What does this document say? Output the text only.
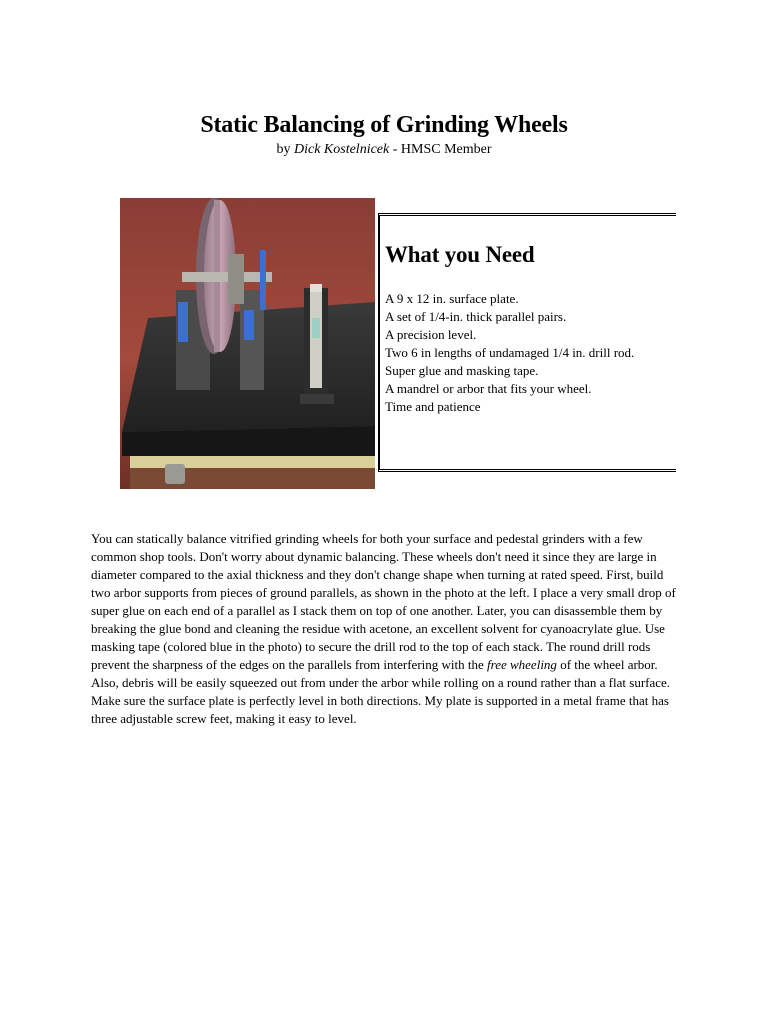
Static Balancing of Grinding Wheels
by Dick Kostelnicek - HMSC Member
What you Need
A 9 x 12 in. surface plate.
A set of 1/4-in. thick parallel pairs.
A precision level.
Two 6 in lengths of undamaged 1/4 in. drill rod.
Super glue and masking tape.
A mandrel or arbor that fits your wheel.
Time and patience

You can statically balance vitrified grinding wheels for both your surface and pedestal grinders with a few common shop tools. Don't worry about dynamic balancing. These wheels don't need it since they are large in diameter compared to the axial thickness and they don't change shape when turning at rated speed. First, build two arbor supports from pieces of ground parallels, as shown in the photo at the left. I place a very small drop of super glue on each end of a parallel as I stack them on top of one another. Later, you can disassemble them by breaking the glue bond and cleaning the residue with acetone, an excellent solvent for cyanoacrylate glue. Use masking tape (colored blue in the photo) to secure the drill rod to the top of each stack. The round drill rods prevent the sharpness of the edges on the parallels from interfering with the free wheeling of the wheel arbor. Also, debris will be easily squeezed out from under the arbor while rolling on a round rather than a flat surface. Make sure the surface plate is perfectly level in both directions. My plate is supported in a metal frame that has three adjustable screw feet, making it easy to level.
